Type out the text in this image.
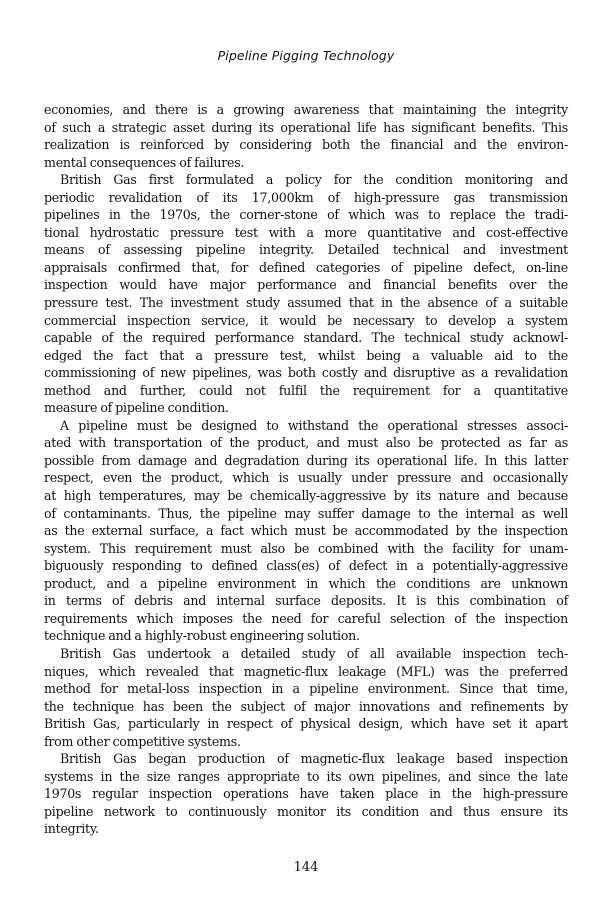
Pipeline Pigging Technology
economies, and there is a growing awareness that maintaining the integrity
of such a strategic asset during its operational life has significant benefits. This
realization is reinforced by considering both the financial and the environ-
mental consequences of failures.
British Gas first formulated a policy for the condition monitoring and
periodic revalidation of its 17,000km of high-pressure gas transmission
pipelines in the 1970s, the corner-stone of which was to replace the tradi-
tional hydrostatic pressure test with a more quantitative and cost-effective
means of assessing pipeline integrity. Detailed technical and investment
appraisals confirmed that, for defined categories of pipeline defect, on-line
inspection would have major performance and financial benefits over the
pressure test. The investment study assumed that in the absence of a suitable
commercial inspection service, it would be necessary to develop a system
capable of the required performance standard. The technical study acknowl-
edged the fact that a pressure test, whilst being a valuable aid to the
commissioning of new pipelines, was both costly and disruptive as a revalidation
method and further, could not fulfil the requirement for a quantitative
measure of pipeline condition.
A pipeline must be designed to withstand the operational stresses associ-
ated with transportation of the product, and must also be protected as far as
possible from damage and degradation during its operational life. In this latter
respect, even the product, which is usually under pressure and occasionally
at high temperatures, may be chemically-aggressive by its nature and because
of contaminants. Thus, the pipeline may suffer damage to the internal as well
as the external surface, a fact which must be accommodated by the inspection
system. This requirement must also be combined with the facility for unam-
biguously responding to defined class(es) of defect in a potentially-aggressive
product, and a pipeline environment in which the conditions are unknown
in terms of debris and internal surface deposits. It is this combination of
requirements which imposes the need for careful selection of the inspection
technique and a highly-robust engineering solution.
British Gas undertook a detailed study of all available inspection tech-
niques, which revealed that magnetic-flux leakage (MFL) was the preferred
method for metal-loss inspection in a pipeline environment. Since that time,
the technique has been the subject of major innovations and refinements by
British Gas, particularly in respect of physical design, which have set it apart
from other competitive systems.
British Gas began production of magnetic-flux leakage based inspection
systems in the size ranges appropriate to its own pipelines, and since the late
1970s regular inspection operations have taken place in the high-pressure
pipeline network to continuously monitor its condition and thus ensure its
integrity.
144
